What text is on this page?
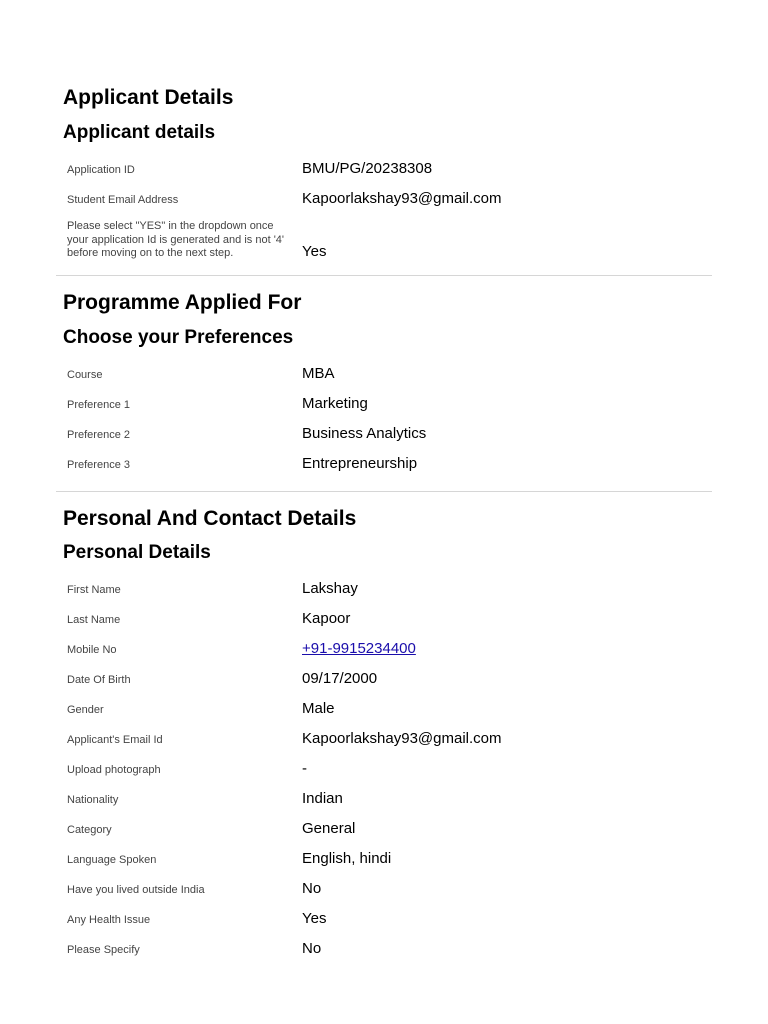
Applicant Details
Applicant details
Application ID	BMU/PG/20238308
Student Email Address	Kapoorlakshay93@gmail.com
Please select "YES" in the dropdown once your application Id is generated and is not '4' before moving on to the next step.	Yes
Programme Applied For
Choose your Preferences
Course	MBA
Preference 1	Marketing
Preference 2	Business Analytics
Preference 3	Entrepreneurship
Personal And Contact Details
Personal Details
First Name	Lakshay
Last Name	Kapoor
Mobile No	+91-9915234400
Date Of Birth	09/17/2000
Gender	Male
Applicant's Email Id	Kapoorlakshay93@gmail.com
Upload photograph	-
Nationality	Indian
Category	General
Language Spoken	English, hindi
Have you lived outside India	No
Any Health Issue	Yes
Please Specify	No
